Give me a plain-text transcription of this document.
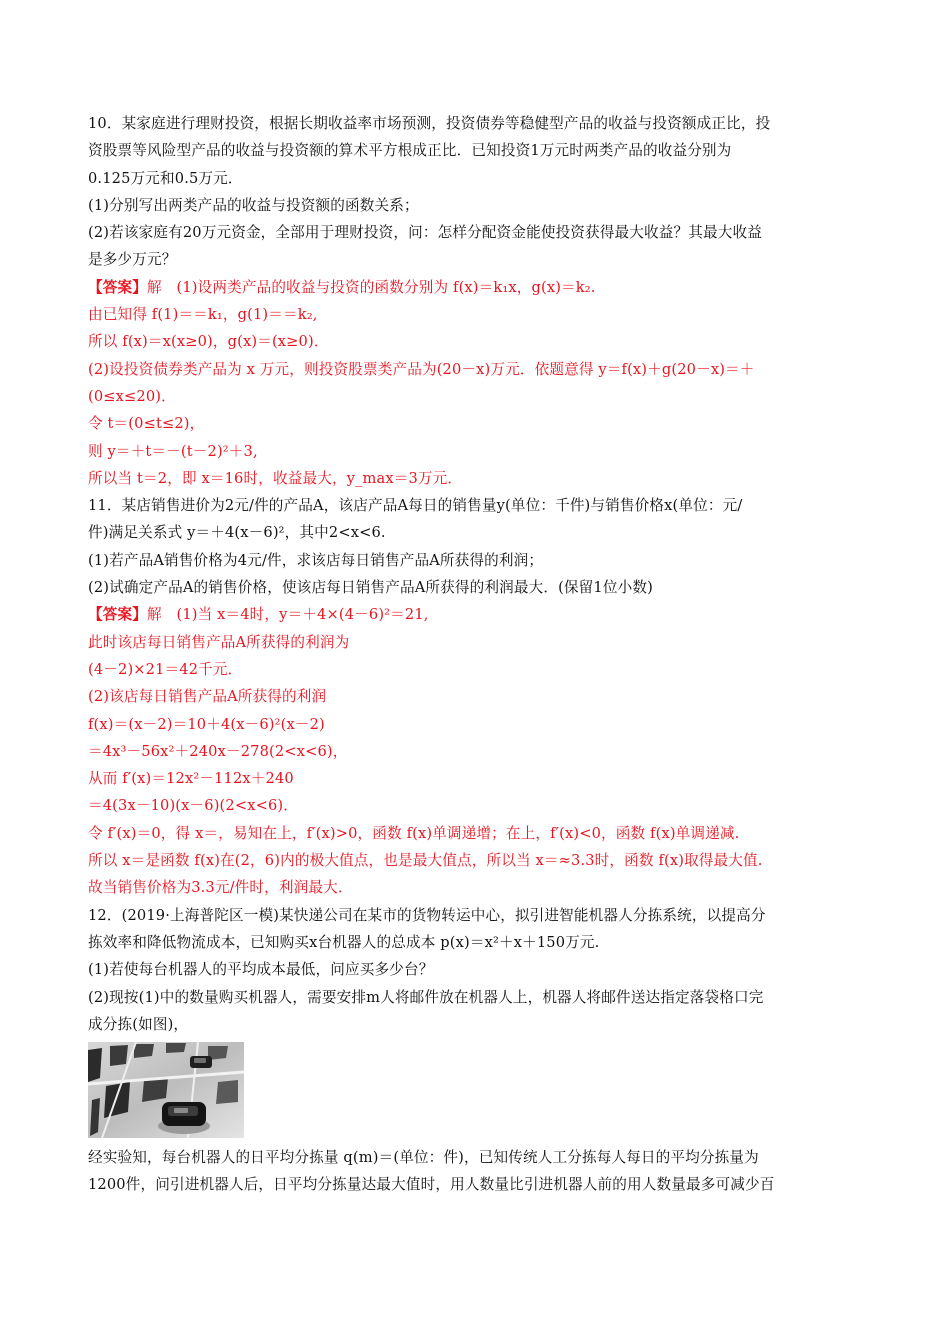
10．某家庭进行理财投资，根据长期收益率市场预测，投资债券等稳健型产品的收益与投资额成正比，投
资股票等风险型产品的收益与投资额的算术平方根成正比．已知投资1万元时两类产品的收益分别为
0.125万元和0.5万元．
(1)分别写出两类产品的收益与投资额的函数关系；
(2)若该家庭有20万元资金，全部用于理财投资，问：怎样分配资金能使投资获得最大收益？其最大收益
是多少万元？
【答案】解　(1)设两类产品的收益与投资的函数分别为 f(x)＝k₁x，g(x)＝k₂.
由已知得 f(1)＝＝k₁，g(1)＝＝k₂,
所以 f(x)＝x(x≥0)，g(x)＝(x≥0)．
(2)设投资债券类产品为 x 万元，则投资股票类产品为(20－x)万元．依题意得 y＝f(x)＋g(20－x)＝＋
(0≤x≤20)．
令 t＝(0≤t≤2)，
则 y＝＋t＝－(t－2)²＋3,
所以当 t＝2，即 x＝16时，收益最大，y_max＝3万元．
11．某店销售进价为2元/件的产品A，该店产品A每日的销售量y(单位：千件)与销售价格x(单位：元/
件)满足关系式 y＝＋4(x－6)²，其中2<x<6.
(1)若产品A销售价格为4元/件，求该店每日销售产品A所获得的利润；
(2)试确定产品A的销售价格，使该店每日销售产品A所获得的利润最大．(保留1位小数)
【答案】解　(1)当 x＝4时，y＝＋4×(4－6)²＝21,
此时该店每日销售产品A所获得的利润为
(4－2)×21＝42千元．
(2)该店每日销售产品A所获得的利润
f(x)＝(x－2)＝10＋4(x－6)²(x－2)
＝4x³－56x²＋240x－278(2<x<6)，
从而 f′(x)＝12x²－112x＋240
＝4(3x－10)(x－6)(2<x<6)．
令 f′(x)＝0，得 x＝，易知在上，f′(x)>0，函数 f(x)单调递增；在上，f′(x)<0，函数 f(x)单调递减.
所以 x＝是函数 f(x)在(2，6)内的极大值点，也是最大值点，所以当 x＝≈3.3时，函数 f(x)取得最大值.
故当销售价格为3.3元/件时，利润最大．
12．(2019·上海普陀区一模)某快递公司在某市的货物转运中心，拟引进智能机器人分拣系统，以提高分
拣效率和降低物流成本，已知购买x台机器人的总成本 p(x)＝x²＋x＋150万元.
(1)若使每台机器人的平均成本最低，问应买多少台？
(2)现按(1)中的数量购买机器人，需要安排m人将邮件放在机器人上，机器人将邮件送达指定落袋格口完
成分拣(如图)，
经实验知，每台机器人的日平均分拣量 q(m)＝(单位：件)，已知传统人工分拣每人每日的平均分拣量为
1200件，问引进机器人后，日平均分拣量达最大值时，用人数量比引进机器人前的用人数量最多可减少百
